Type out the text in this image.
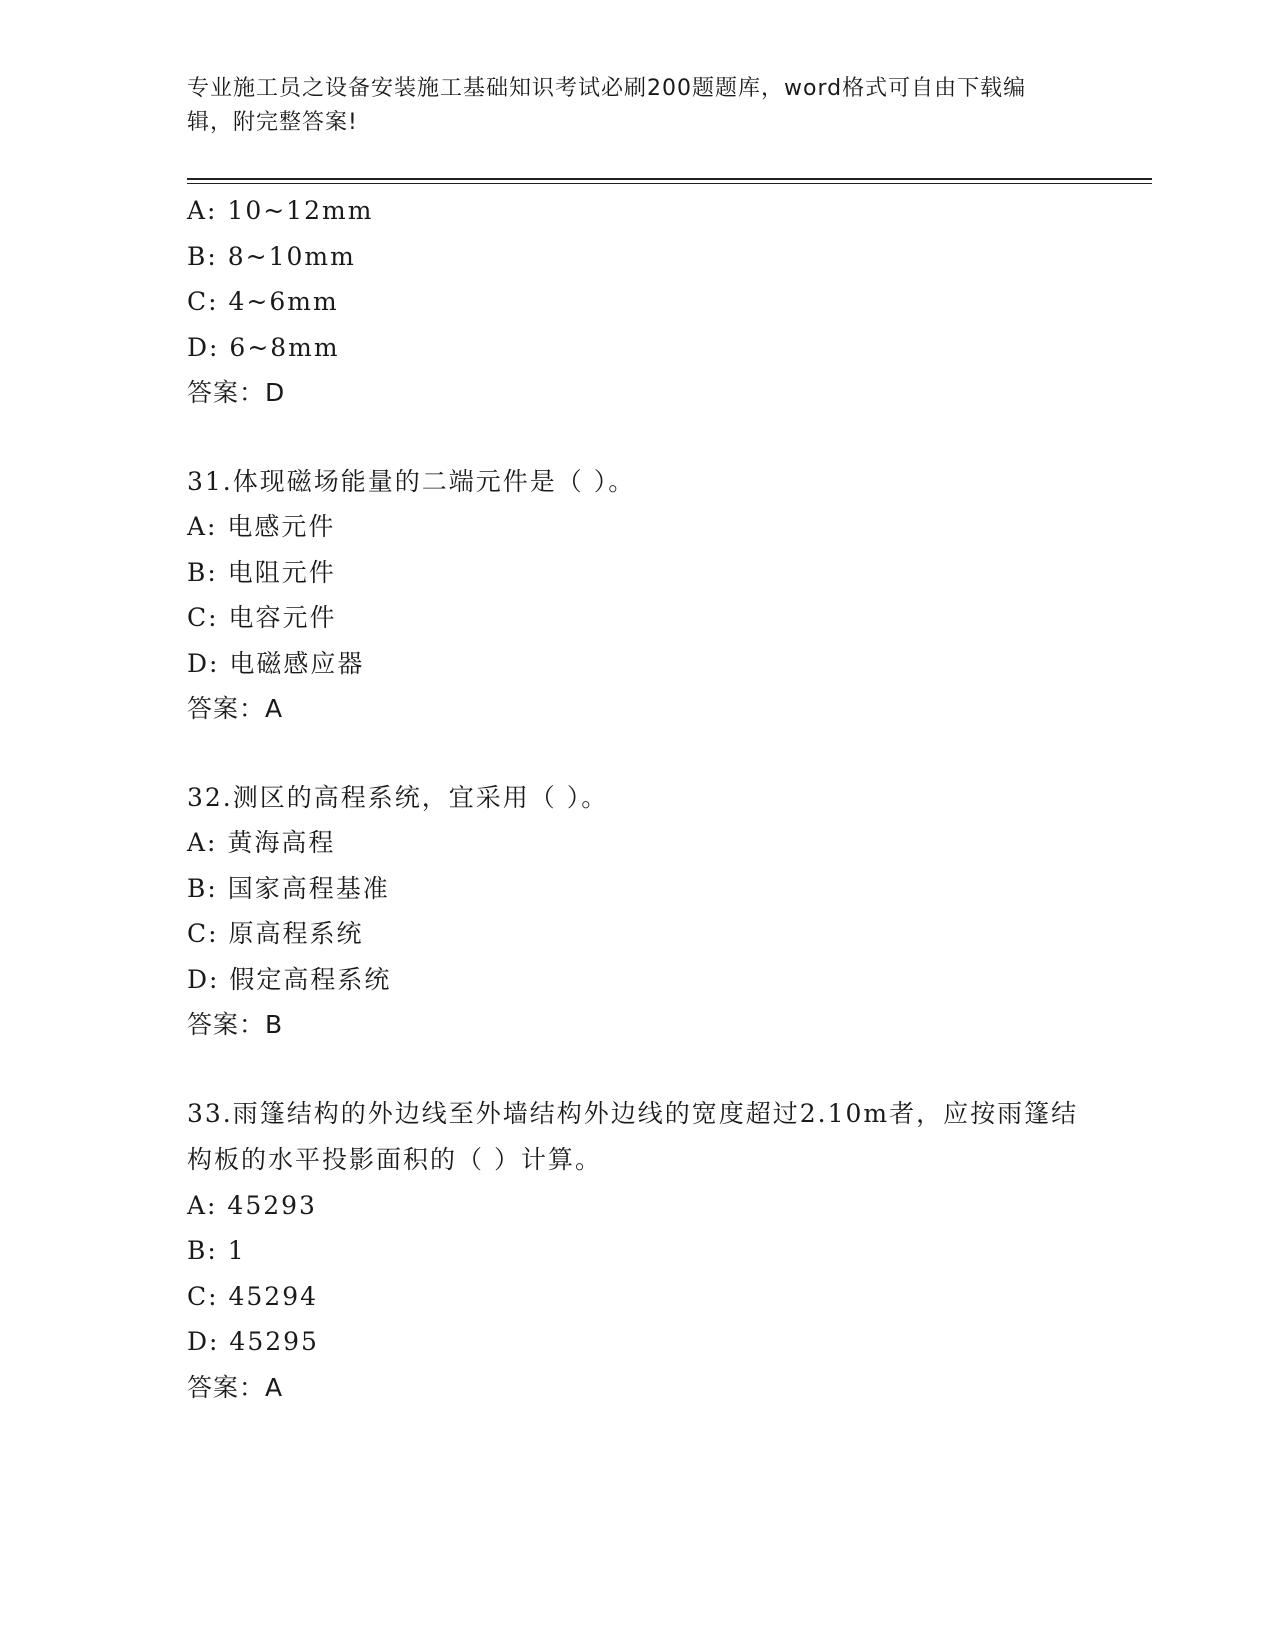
专业施工员之设备安装施工基础知识考试必刷200题题库，word格式可自由下载编辑，附完整答案!
A: 10~12mm
B: 8~10mm
C: 4~6mm
D: 6~8mm
答案：D
31.体现磁场能量的二端元件是（ ）。
A: 电感元件
B: 电阻元件
C: 电容元件
D: 电磁感应器
答案：A
32.测区的高程系统，宜采用（ ）。
A: 黄海高程
B: 国家高程基准
C: 原高程系统
D: 假定高程系统
答案：B
33.雨篷结构的外边线至外墙结构外边线的宽度超过2.10m者，应按雨篷结构板的水平投影面积的（ ）计算。
A: 45293
B: 1
C: 45294
D: 45295
答案：A
